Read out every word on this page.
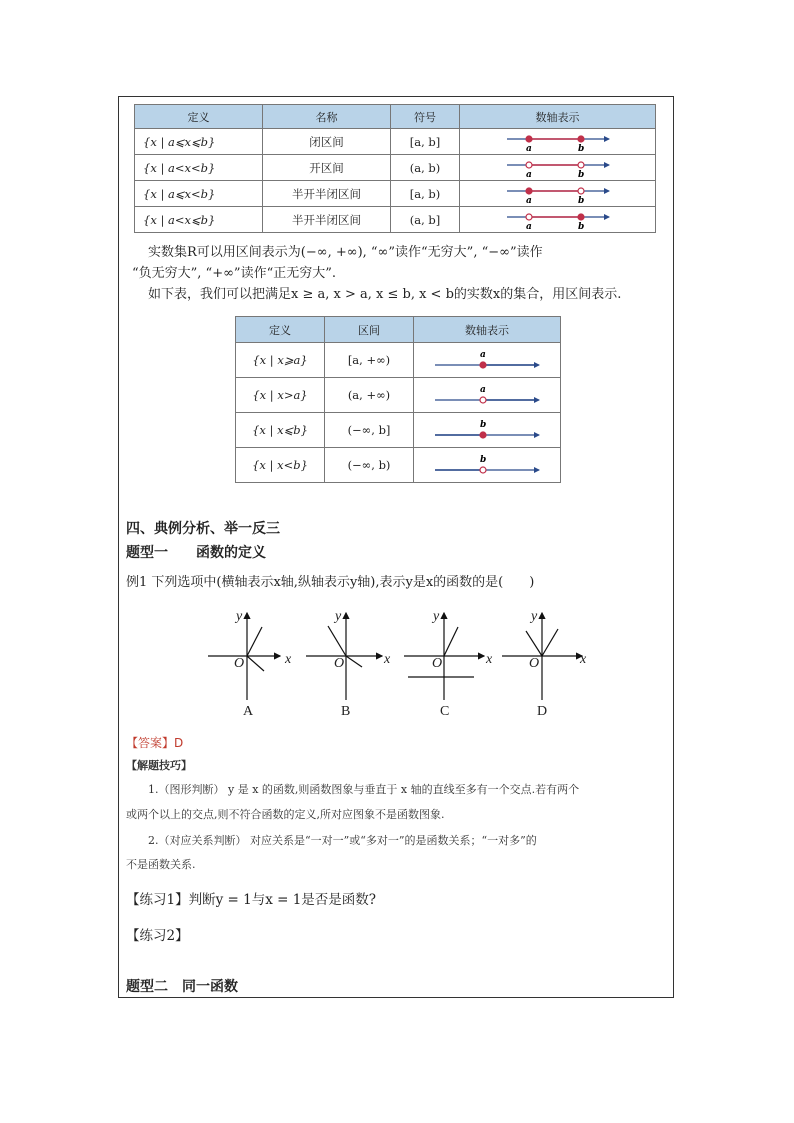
定义	名称	符号	数轴表示
{x | a⩽x⩽b}	闭区间	[a, b]	a b

{x | a<x<b}	开区间	(a, b)	a b

{x | a⩽x<b}	半开半闭区间	[a, b)	a b

{x | a<x⩽b}	半开半闭区间	(a, b]	a b
实数集R可以用区间表示为(−∞, +∞), “∞”读作“无穷大”, “−∞”读作
“负无穷大”, “+∞”读作“正无穷大”.
如下表，我们可以把满足x ≥ a, x > a, x ≤ b, x < b的实数x的集合，用区间表示.
定义	区间	数轴表示
{x | x⩾a}	[a, +∞)	a

{x | x>a}	(a, +∞)	a

{x | x⩽b}	(−∞, b]	b

{x | x<b}	(−∞, b)	b
四、典例分析、举一反三
题型一　　函数的定义
例1 下列选项中(横轴表示x轴,纵轴表示y轴),表示y是x的函数的是(　　)
y
x
O
A
y
x
O
B
y
x
O
C
y
x
O
D
【答案】D
【解题技巧】
1.（图形判断） y 是 x 的函数,则函数图象与垂直于 x 轴的直线至多有一个交点.若有两个
或两个以上的交点,则不符合函数的定义,所对应图象不是函数图象.
2.（对应关系判断） 对应关系是“一对一”或“多对一”的是函数关系；“一对多”的
不是函数关系.
【练习1】判断y = 1与x = 1是否是函数?
【练习2】
题型二　同一函数
